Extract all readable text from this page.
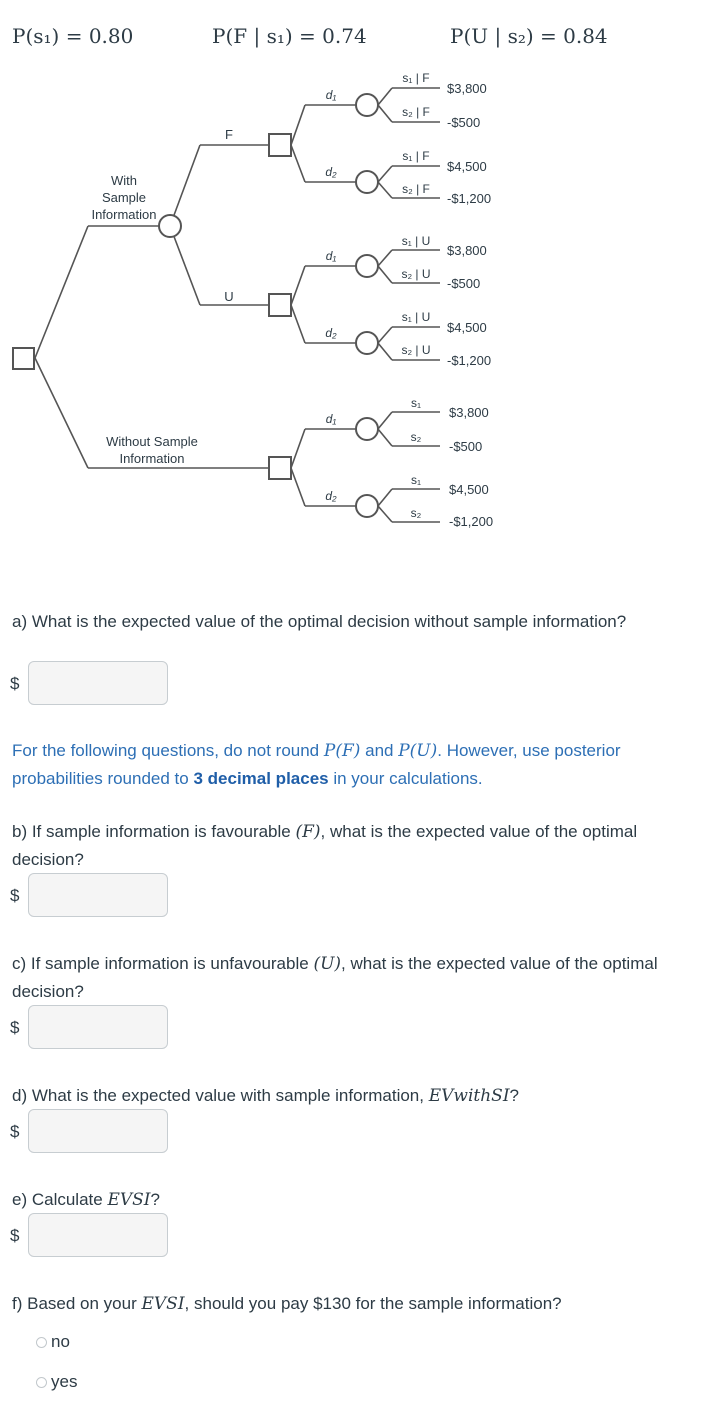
P(s₁) = 0.80	P(F | s₁) = 0.74	P(U | s₂) = 0.84
With
Sample
Information
Without Sample
Information
F
U
d₁
d₂
d₁
d₂
d₁
d₂
s₁ | F
s₂ | F
s₁ | F
s₂ | F
s₁ | U
s₂ | U
s₁ | U
s₂ | U
s₁
s₂
s₁
s₂
$3,800
-$500
$4,500
-$1,200
$3,800
-$500
$4,500
-$1,200
$3,800
-$500
$4,500
-$1,200
a) What is the expected value of the optimal decision without sample information?
$
For the following questions, do not round P(F) and P(U). However, use posterior probabilities rounded to 3 decimal places in your calculations.
b) If sample information is favourable (F), what is the expected value of the optimal decision?
$
c) If sample information is unfavourable (U), what is the expected value of the optimal decision?
$
d) What is the expected value with sample information, EVwithSI?
$
e) Calculate EVSI?
$
f) Based on your EVSI, should you pay $130 for the sample information?
no
yes
